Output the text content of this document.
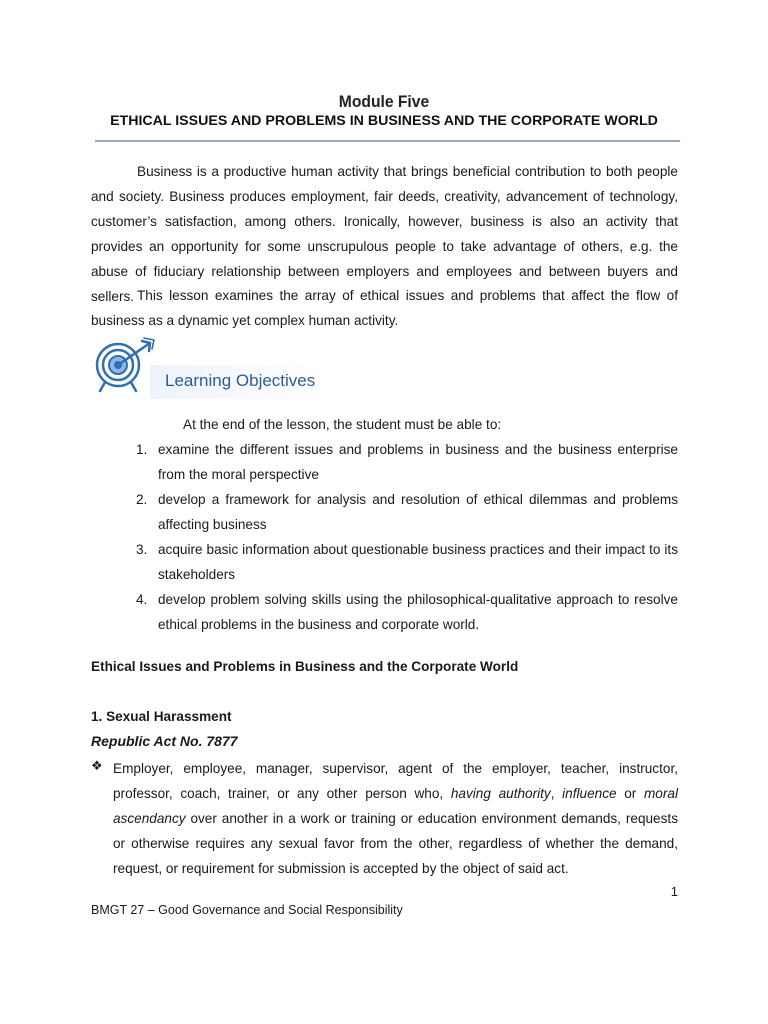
Module Five
ETHICAL ISSUES AND PROBLEMS IN BUSINESS AND THE CORPORATE WORLD
Business is a productive human activity that brings beneficial contribution to both people and society. Business produces employment, fair deeds, creativity, advancement of technology, customer’s satisfaction, among others. Ironically, however, business is also an activity that provides an opportunity for some unscrupulous people to take advantage of others, e.g. the abuse of fiduciary relationship between employers and employees and between buyers and sellers. This lesson examines the array of ethical issues and problems that affect the flow of business as a dynamic yet complex human activity.
Learning Objectives
At the end of the lesson, the student must be able to:
1. examine the different issues and problems in business and the business enterprise from the moral perspective
2. develop a framework for analysis and resolution of ethical dilemmas and problems affecting business
3. acquire basic information about questionable business practices and their impact to its stakeholders
4. develop problem solving skills using the philosophical-qualitative approach to resolve ethical problems in the business and corporate world.
Ethical Issues and Problems in Business and the Corporate World
1. Sexual Harassment
Republic Act No. 7877
❖ Employer, employee, manager, supervisor, agent of the employer, teacher, instructor, professor, coach, trainer, or any other person who, having authority, influence or moral ascendancy over another in a work or training or education environment demands, requests or otherwise requires any sexual favor from the other, regardless of whether the demand, request, or requirement for submission is accepted by the object of said act.
1
BMGT 27 – Good Governance and Social Responsibility
